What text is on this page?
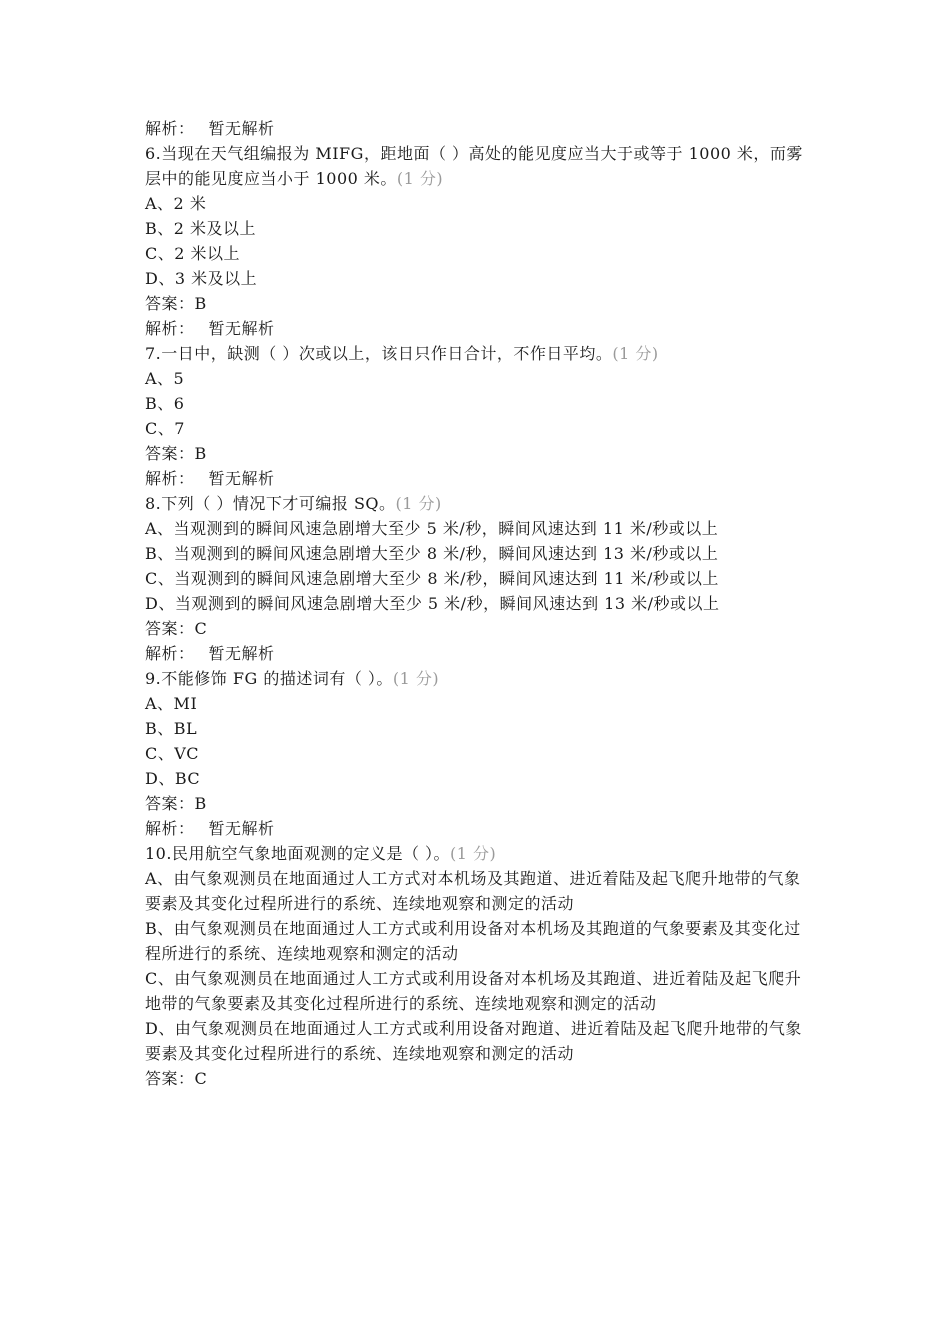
解析： 暂无解析

6.当现在天气组编报为 MIFG，距地面（ ）高处的能见度应当大于或等于 1000 米，而雾层中的能见度应当小于 1000 米。(1 分)

A、2 米

B、2 米及以上

C、2 米以上

D、3 米及以上

答案：B

解析： 暂无解析

7.一日中，缺测（ ）次或以上，该日只作日合计，不作日平均。(1 分)

A、5

B、6

C、7

答案：B

解析： 暂无解析

8.下列（ ）情况下才可编报 SQ。(1 分)

A、当观测到的瞬间风速急剧增大至少 5 米/秒，瞬间风速达到 11 米/秒或以上

B、当观测到的瞬间风速急剧增大至少 8 米/秒，瞬间风速达到 13 米/秒或以上

C、当观测到的瞬间风速急剧增大至少 8 米/秒，瞬间风速达到 11 米/秒或以上

D、当观测到的瞬间风速急剧增大至少 5 米/秒，瞬间风速达到 13 米/秒或以上

答案：C

解析： 暂无解析

9.不能修饰 FG 的描述词有（ ）。(1 分)

A、MI

B、BL

C、VC

D、BC

答案：B

解析： 暂无解析

10.民用航空气象地面观测的定义是（ ）。(1 分)

A、由气象观测员在地面通过人工方式对本机场及其跑道、进近着陆及起飞爬升地带的气象要素及其变化过程所进行的系统、连续地观察和测定的活动

B、由气象观测员在地面通过人工方式或利用设备对本机场及其跑道的气象要素及其变化过程所进行的系统、连续地观察和测定的活动

C、由气象观测员在地面通过人工方式或利用设备对本机场及其跑道、进近着陆及起飞爬升地带的气象要素及其变化过程所进行的系统、连续地观察和测定的活动

D、由气象观测员在地面通过人工方式或利用设备对跑道、进近着陆及起飞爬升地带的气象要素及其变化过程所进行的系统、连续地观察和测定的活动

答案：C
